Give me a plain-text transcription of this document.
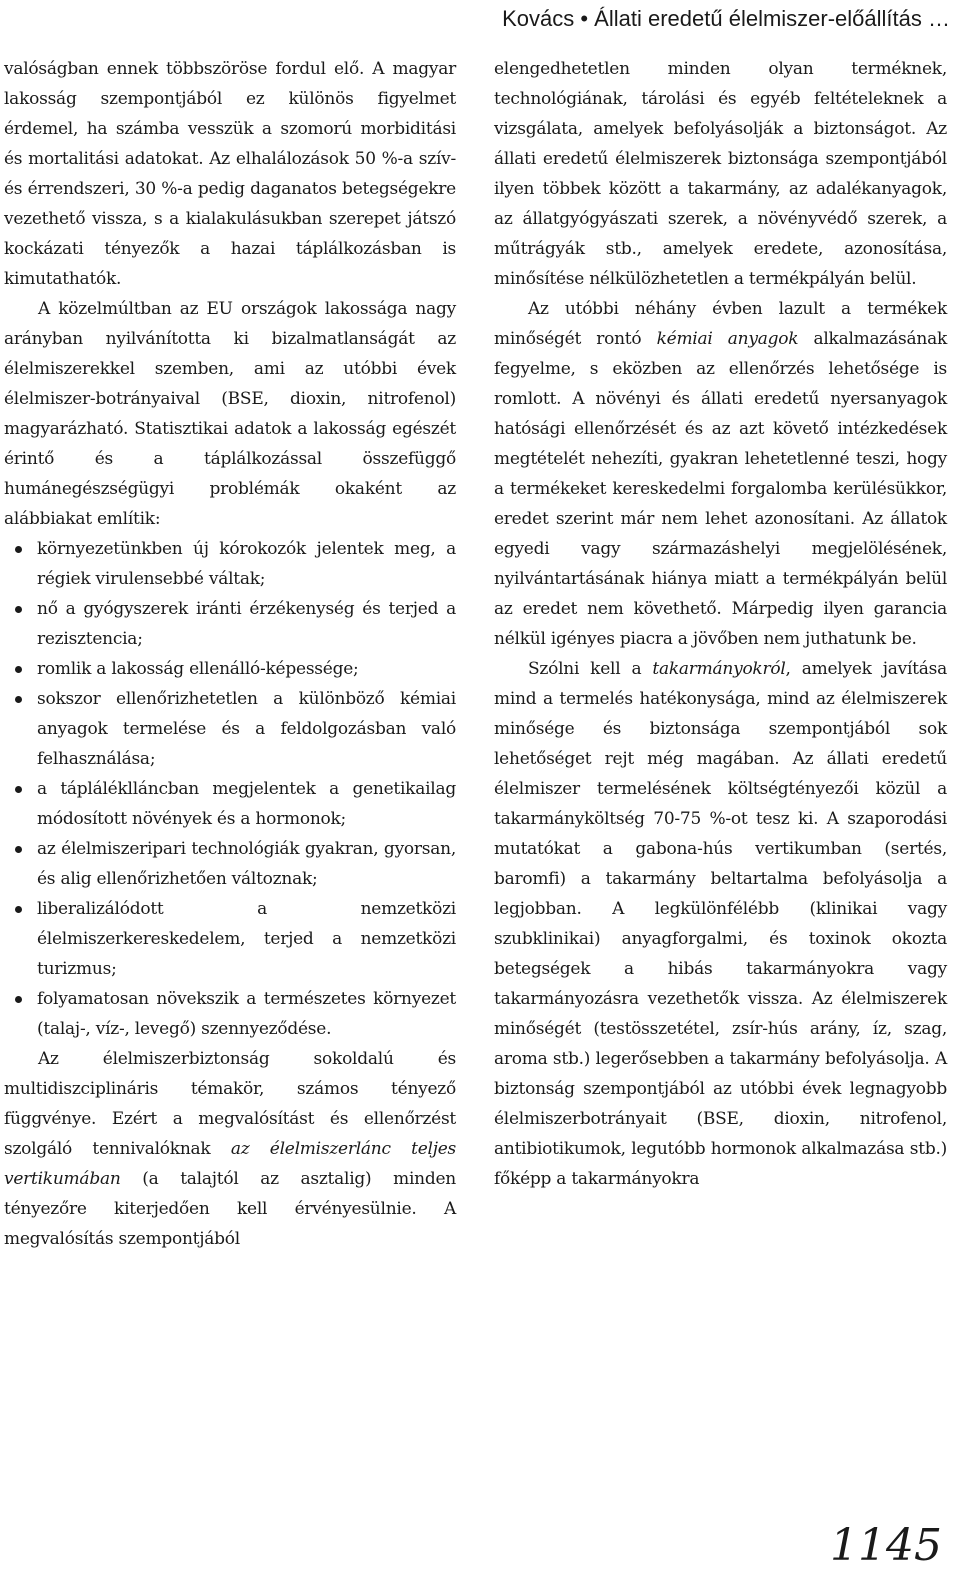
Kovács • Állati eredetű élelmiszer-előállítás …

valóságban ennek többszöröse fordul elő. A magyar lakosság szempontjából ez különös figyelmet érdemel, ha számba vesszük a szomorú morbiditási és mortalitási adatokat. Az elhalálozások 50 %-a szív- és érrendszeri, 30 %-a pedig daganatos betegségekre vezethető vissza, s a kialakulásukban szerepet játszó kockázati tényezők a hazai táplálkozásban is kimutathatók.

A közelmúltban az EU országok lakossága nagy arányban nyilvánította ki bizalmatlanságát az élelmiszerekkel szemben, ami az utóbbi évek élelmiszer-botrányaival (BSE, dioxin, nitrofenol) magyarázható. Statisztikai adatok a lakosság egészét érintő és a táplálkozással összefüggő humánegészségügyi problémák okaként az alábbiakat említik:

környezetünkben új kórokozók jelentek meg, a régiek virulensebbé váltak;
nő a gyógyszerek iránti érzékenység és terjed a rezisztencia;
romlik a lakosság ellenálló-képessége;
sokszor ellenőrizhetetlen a különböző kémiai anyagok termelése és a feldolgozásban való felhasználása;
a tápláléklláncban megjelentek a genetikailag módosított növények és a hormonok;
az élelmiszeripari technológiák gyakran, gyorsan, és alig ellenőrizhetően változnak;
liberalizálódott a nemzetközi élelmiszerkereskedelem, terjed a nemzetközi turizmus;
folyamatosan növekszik a természetes környezet (talaj-, víz-, levegő) szennyeződése.

Az élelmiszerbiztonság sokoldalú és multidiszciplináris témakör, számos tényező függvénye. Ezért a megvalósítást és ellenőrzést szolgáló tennivalóknak az élelmiszerlánc teljes vertikumában (a talajtól az asztalig) minden tényezőre kiterjedően kell érvényesülnie. A megvalósítás szempontjából

elengedhetetlen minden olyan terméknek, technológiának, tárolási és egyéb feltételeknek a vizsgálata, amelyek befolyásolják a biztonságot. Az állati eredetű élelmiszerek biztonsága szempontjából ilyen többek között a takarmány, az adalékanyagok, az állatgyógyászati szerek, a növényvédő szerek, a műtrágyák stb., amelyek eredete, azonosítása, minősítése nélkülözhetetlen a termékpályán belül.

Az utóbbi néhány évben lazult a termékek minőségét rontó kémiai anyagok alkalmazásának fegyelme, s eközben az ellenőrzés lehetősége is romlott. A növényi és állati eredetű nyersanyagok hatósági ellenőrzését és az azt követő intézkedések megtételét nehezíti, gyakran lehetetlenné teszi, hogy a termékeket kereskedelmi forgalomba kerülésükkor, eredet szerint már nem lehet azonosítani. Az állatok egyedi vagy származáshelyi megjelölésének, nyilvántartásának hiánya miatt a termékpályán belül az eredet nem követhető. Márpedig ilyen garancia nélkül igényes piacra a jövőben nem juthatunk be.

Szólni kell a takarmányokról, amelyek javítása mind a termelés hatékonysága, mind az élelmiszerek minősége és biztonsága szempontjából sok lehetőséget rejt még magában. Az állati eredetű élelmiszer termelésének költségtényezői közül a takarmányköltség 70-75 %-ot tesz ki. A szaporodási mutatókat a gabona-hús vertikumban (sertés, baromfi) a takarmány beltartalma befolyásolja a legjobban. A legkülönfélébb (klinikai vagy szubklinikai) anyagforgalmi, és toxinok okozta betegségek a hibás takarmányokra vagy takarmányozásra vezethetők vissza. Az élelmiszerek minőségét (testösszetétel, zsír-hús arány, íz, szag, aroma stb.) legerősebben a takarmány befolyásolja. A biztonság szempontjából az utóbbi évek legnagyobb élelmiszerbotrányait (BSE, dioxin, nitrofenol, antibiotikumok, legutóbb hormonok alkalmazása stb.) főképp a takarmányokra

1145
